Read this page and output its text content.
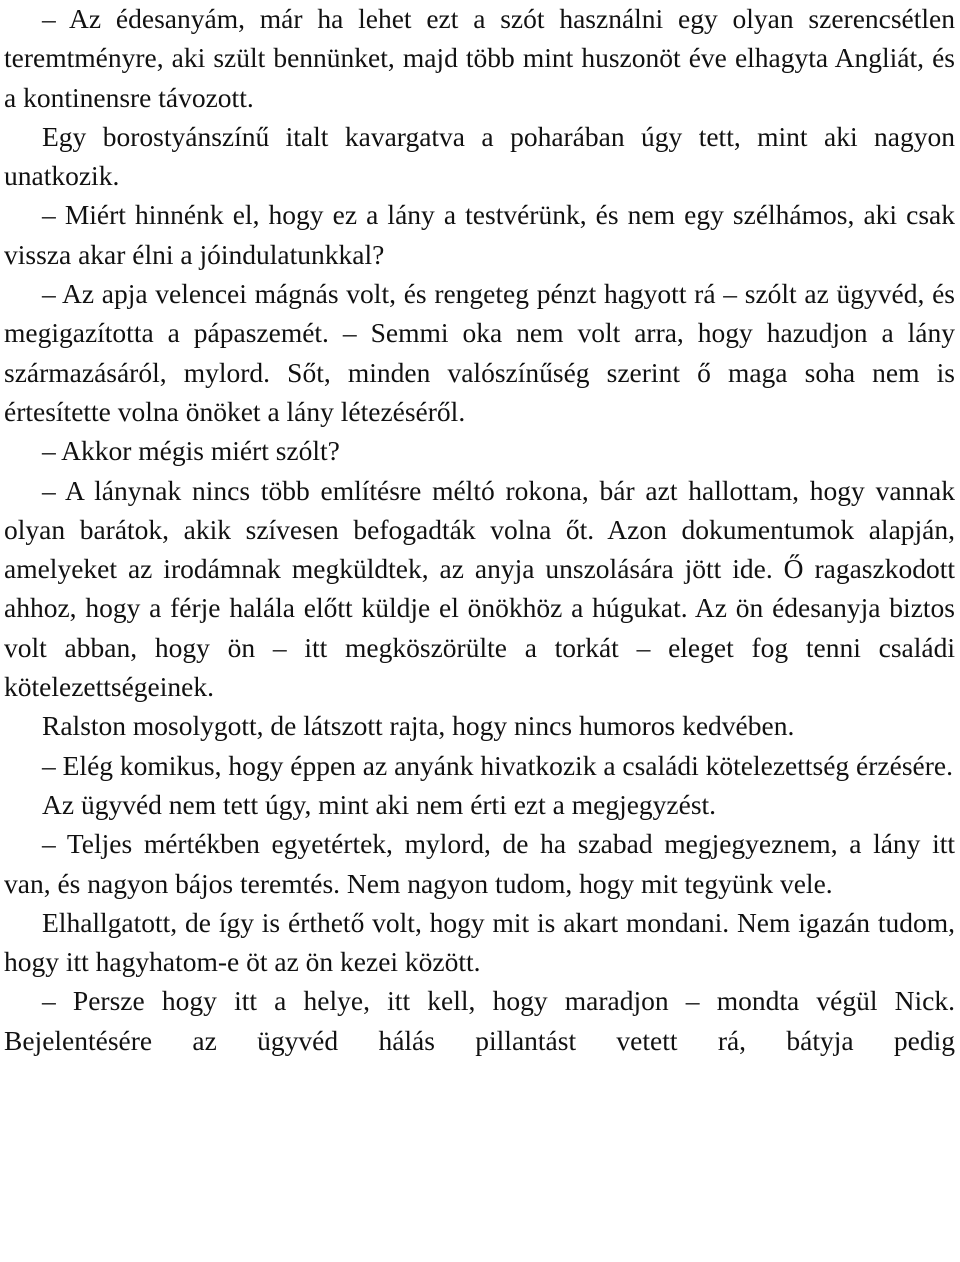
– Az édesanyám, már ha lehet ezt a szót használni egy olyan szerencsétlen teremtményre, aki szült bennünket, majd több mint huszonöt éve elhagyta Angliát, és a kontinensre távozott.

Egy borostyánszínű italt kavargatva a poharában úgy tett, mint aki nagyon unatkozik.

– Miért hinnénk el, hogy ez a lány a testvérünk, és nem egy szélhámos, aki csak vissza akar élni a jóindulatunkkal?

– Az apja velencei mágnás volt, és rengeteg pénzt hagyott rá – szólt az ügyvéd, és megigazította a pápaszemét. – Semmi oka nem volt arra, hogy hazudjon a lány származásáról, mylord. Sőt, minden valószínűség szerint ő maga soha nem is értesítette volna önöket a lány létezéséről.

– Akkor mégis miért szólt?

– A lánynak nincs több említésre méltó rokona, bár azt hallottam, hogy vannak olyan barátok, akik szívesen befogadták volna őt. Azon dokumentumok alapján, amelyeket az irodámnak megküldtek, az anyja unszolására jött ide. Ő ragaszkodott ahhoz, hogy a férje halála előtt küldje el önökhöz a húgukat. Az ön édesanyja biztos volt abban, hogy ön – itt megköszörülte a torkát – eleget fog tenni családi kötelezettségeinek.

Ralston mosolygott, de látszott rajta, hogy nincs humoros kedvében.

– Elég komikus, hogy éppen az anyánk hivatkozik a családi kötelezettség érzésére.

Az ügyvéd nem tett úgy, mint aki nem érti ezt a megjegyzést.

– Teljes mértékben egyetértek, mylord, de ha szabad megjegyeznem, a lány itt van, és nagyon bájos teremtés. Nem nagyon tudom, hogy mit tegyünk vele.

Elhallgatott, de így is érthető volt, hogy mit is akart mondani. Nem igazán tudom, hogy itt hagyhatom-e öt az ön kezei között.

– Persze hogy itt a helye, itt kell, hogy maradjon – mondta végül Nick. Bejelentésére az ügyvéd hálás pillantást vetett rá, bátyja pedig
